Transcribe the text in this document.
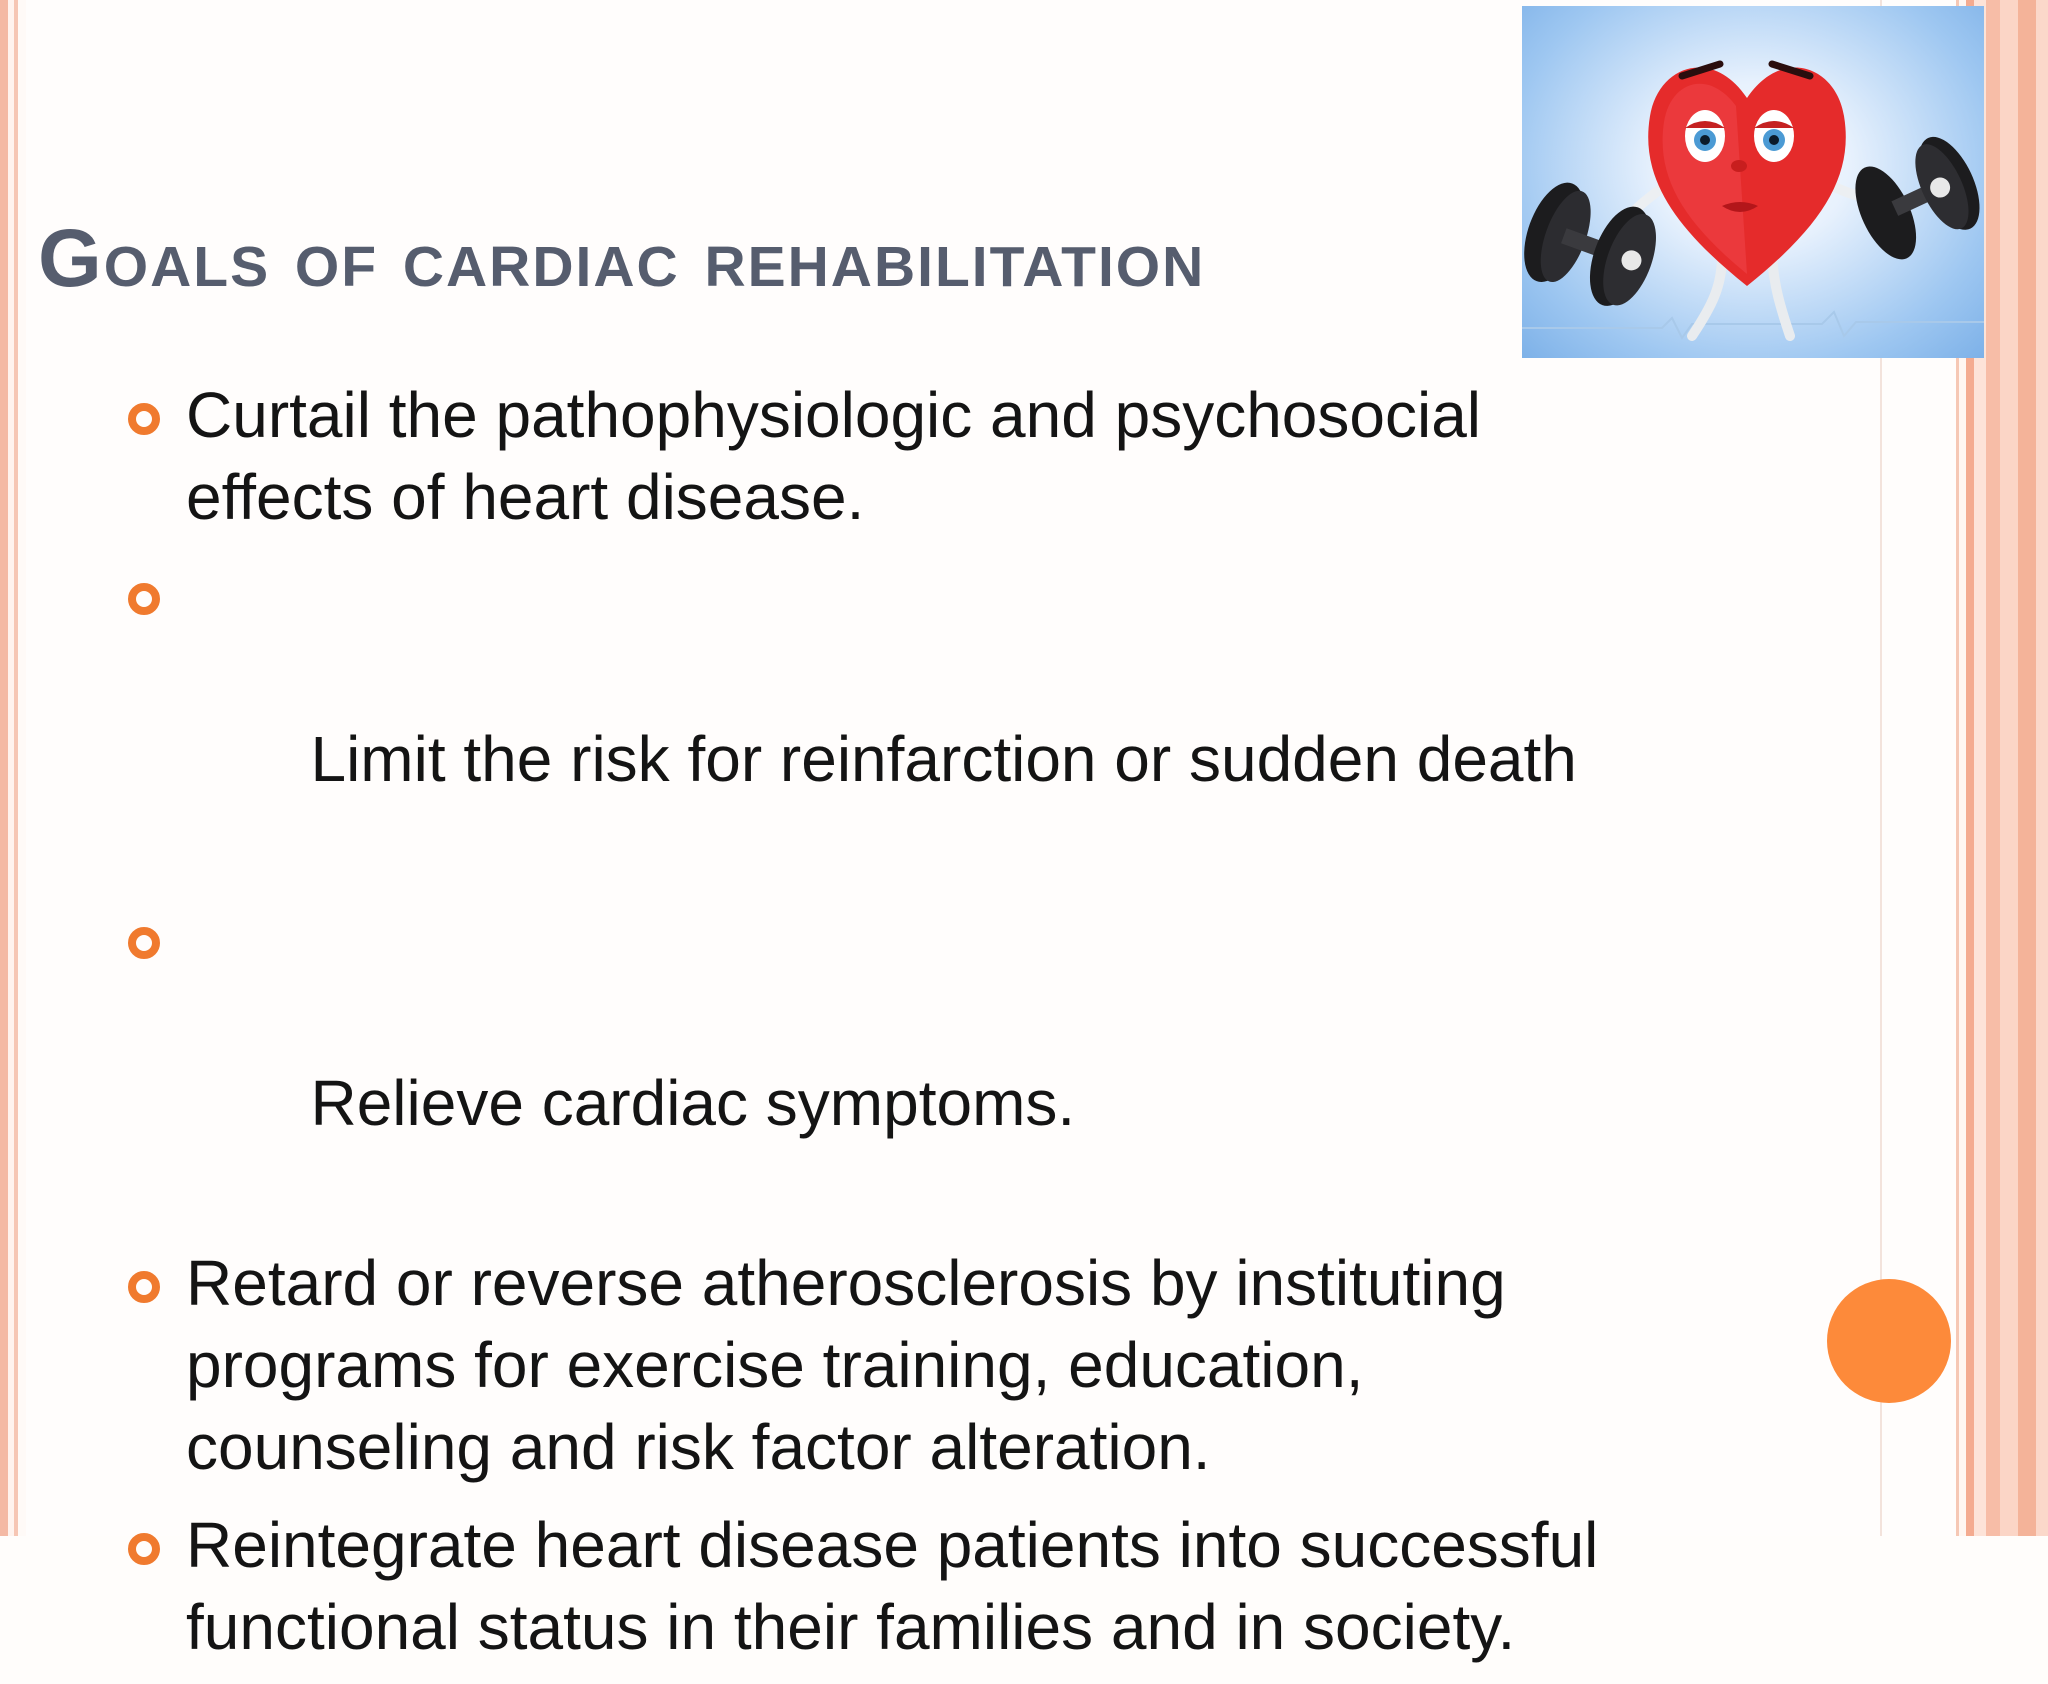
Goals of cardiac rehabilitation
Curtail the pathophysiologic and psychosocial
effects of heart disease.

Limit the risk for reinfarction or sudden death

Relieve cardiac symptoms.

Retard or reverse atherosclerosis by instituting
programs for exercise training, education,
counseling and risk factor alteration.
Reintegrate heart disease patients into successful
functional status in their families and in society.
